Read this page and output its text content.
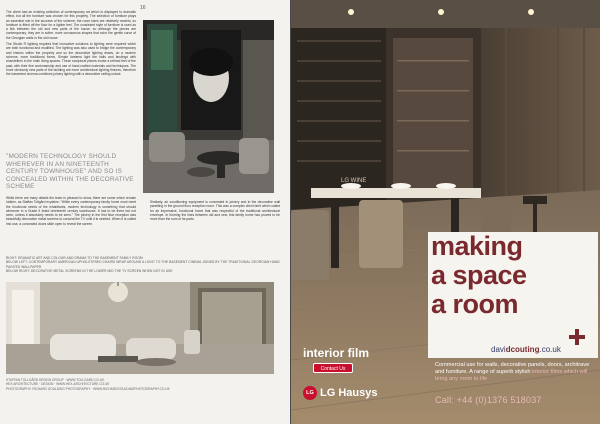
16

The client had an existing collection of contemporary art which is displayed to dramatic effect, but all the furniture was chosen for this property. The selection of furniture plays an essential role in the success of the scheme; the room sizes are relatively modest, so furniture is fitted off the floor for a lighter feel. The consistent style of furniture is used as a link between the old and new parts of the house, so although the pieces are contemporary, they are in softer, more curvaceous shapes that echo the gentle curve of the Georgian walls in the old house.

The Studio R lighting required that innovative solutions to lighting were required which are both functional and modified. The lighting was also used to bridge the contemporary and historic within the property and so the decorative lighting draws, on a modern scheme, more traditional forms. Simple lanterns light the halls and landings with chandeliers in the main living spaces. These sculptural pieces evoke a refined feel of the past, with their fine workmanship and use of hand-crafted materials and techniques. The more obviously new parts of the building are more architectural lighting fixtures, therefore the basement cinema combines joinery lighting with a decorative ceiling cutout.

"MODERN TECHNOLOGY SHOULD WHEREVER IN AN NINETEENTH CENTURY TOWNHOUSE" AND SO IS CONCEALED WITHIN THE DECORATIVE SCHEME

While there are many details the team is pleased to show, there are some which remain hidden, as Staffan Tollgård explains: "While every contemporary family home must meet the functional needs of the inhabitants, modern technology is something that should wherever in a Grade II listed nineteenth century townhouse. It has to be there but not seen, unless it absolutely needs to be seen." The joinery in the first floor reception was beautifully decorative metal screens to conceal the TV until it is needed. When it is called into use, a concealed doors slide open to reveal the screen.

Similarly, air conditioning equipment is concealed in joinery and in the decorative wall panelling in the ground floor reception room. This was a complex client brief which called for an impressive, functional home that was respectful of the traditional architectural envelope. In blurring the lines between old and new, this family home has proved to be more than the sum of its parts.

RIGHT: DRAMATIC ART AND COLOUR AND DRAMA TO THE BASEMENT FAMILY ROOM

BELOW LEFT: CONTEMPORARY AMERICAN UPHOLSTERED CHAIRS WRAP AROUND A LIGHT TO THE BASEMENT CINEMA JOINED BY THE TRADITIONAL GEORGIAN HAND PAINTED WALLPAPER

BELOW RIGHT: DECORATIVE METAL SCREENS IN THE LOWER MID THE TV SCREEN WHEN NOT IN USE

STAFFAN TOLLGÅRD DESIGN GROUP · WWW.TOLLGARD.CO.UK

HEX ARCHITECTURE · DESIGN · WWW.HEX-ARCHITECTURE.CO.UK

PHOTOGRAPHY: RICHARD GOULDING PHOTOGRAPHY · WWW.RICHARDGOULDINGPHOTOGRAPHY.CO.UK

LG WINE
making
a space
a room

davidcouting.co.uk

interior film

Contact Us
LG LG Hausys

Commercial use for walls, decorative panels, doors, architrave and furniture. A range of superb stylish interior films which will bring any room to life

Call: +44 (0)1376 518037
